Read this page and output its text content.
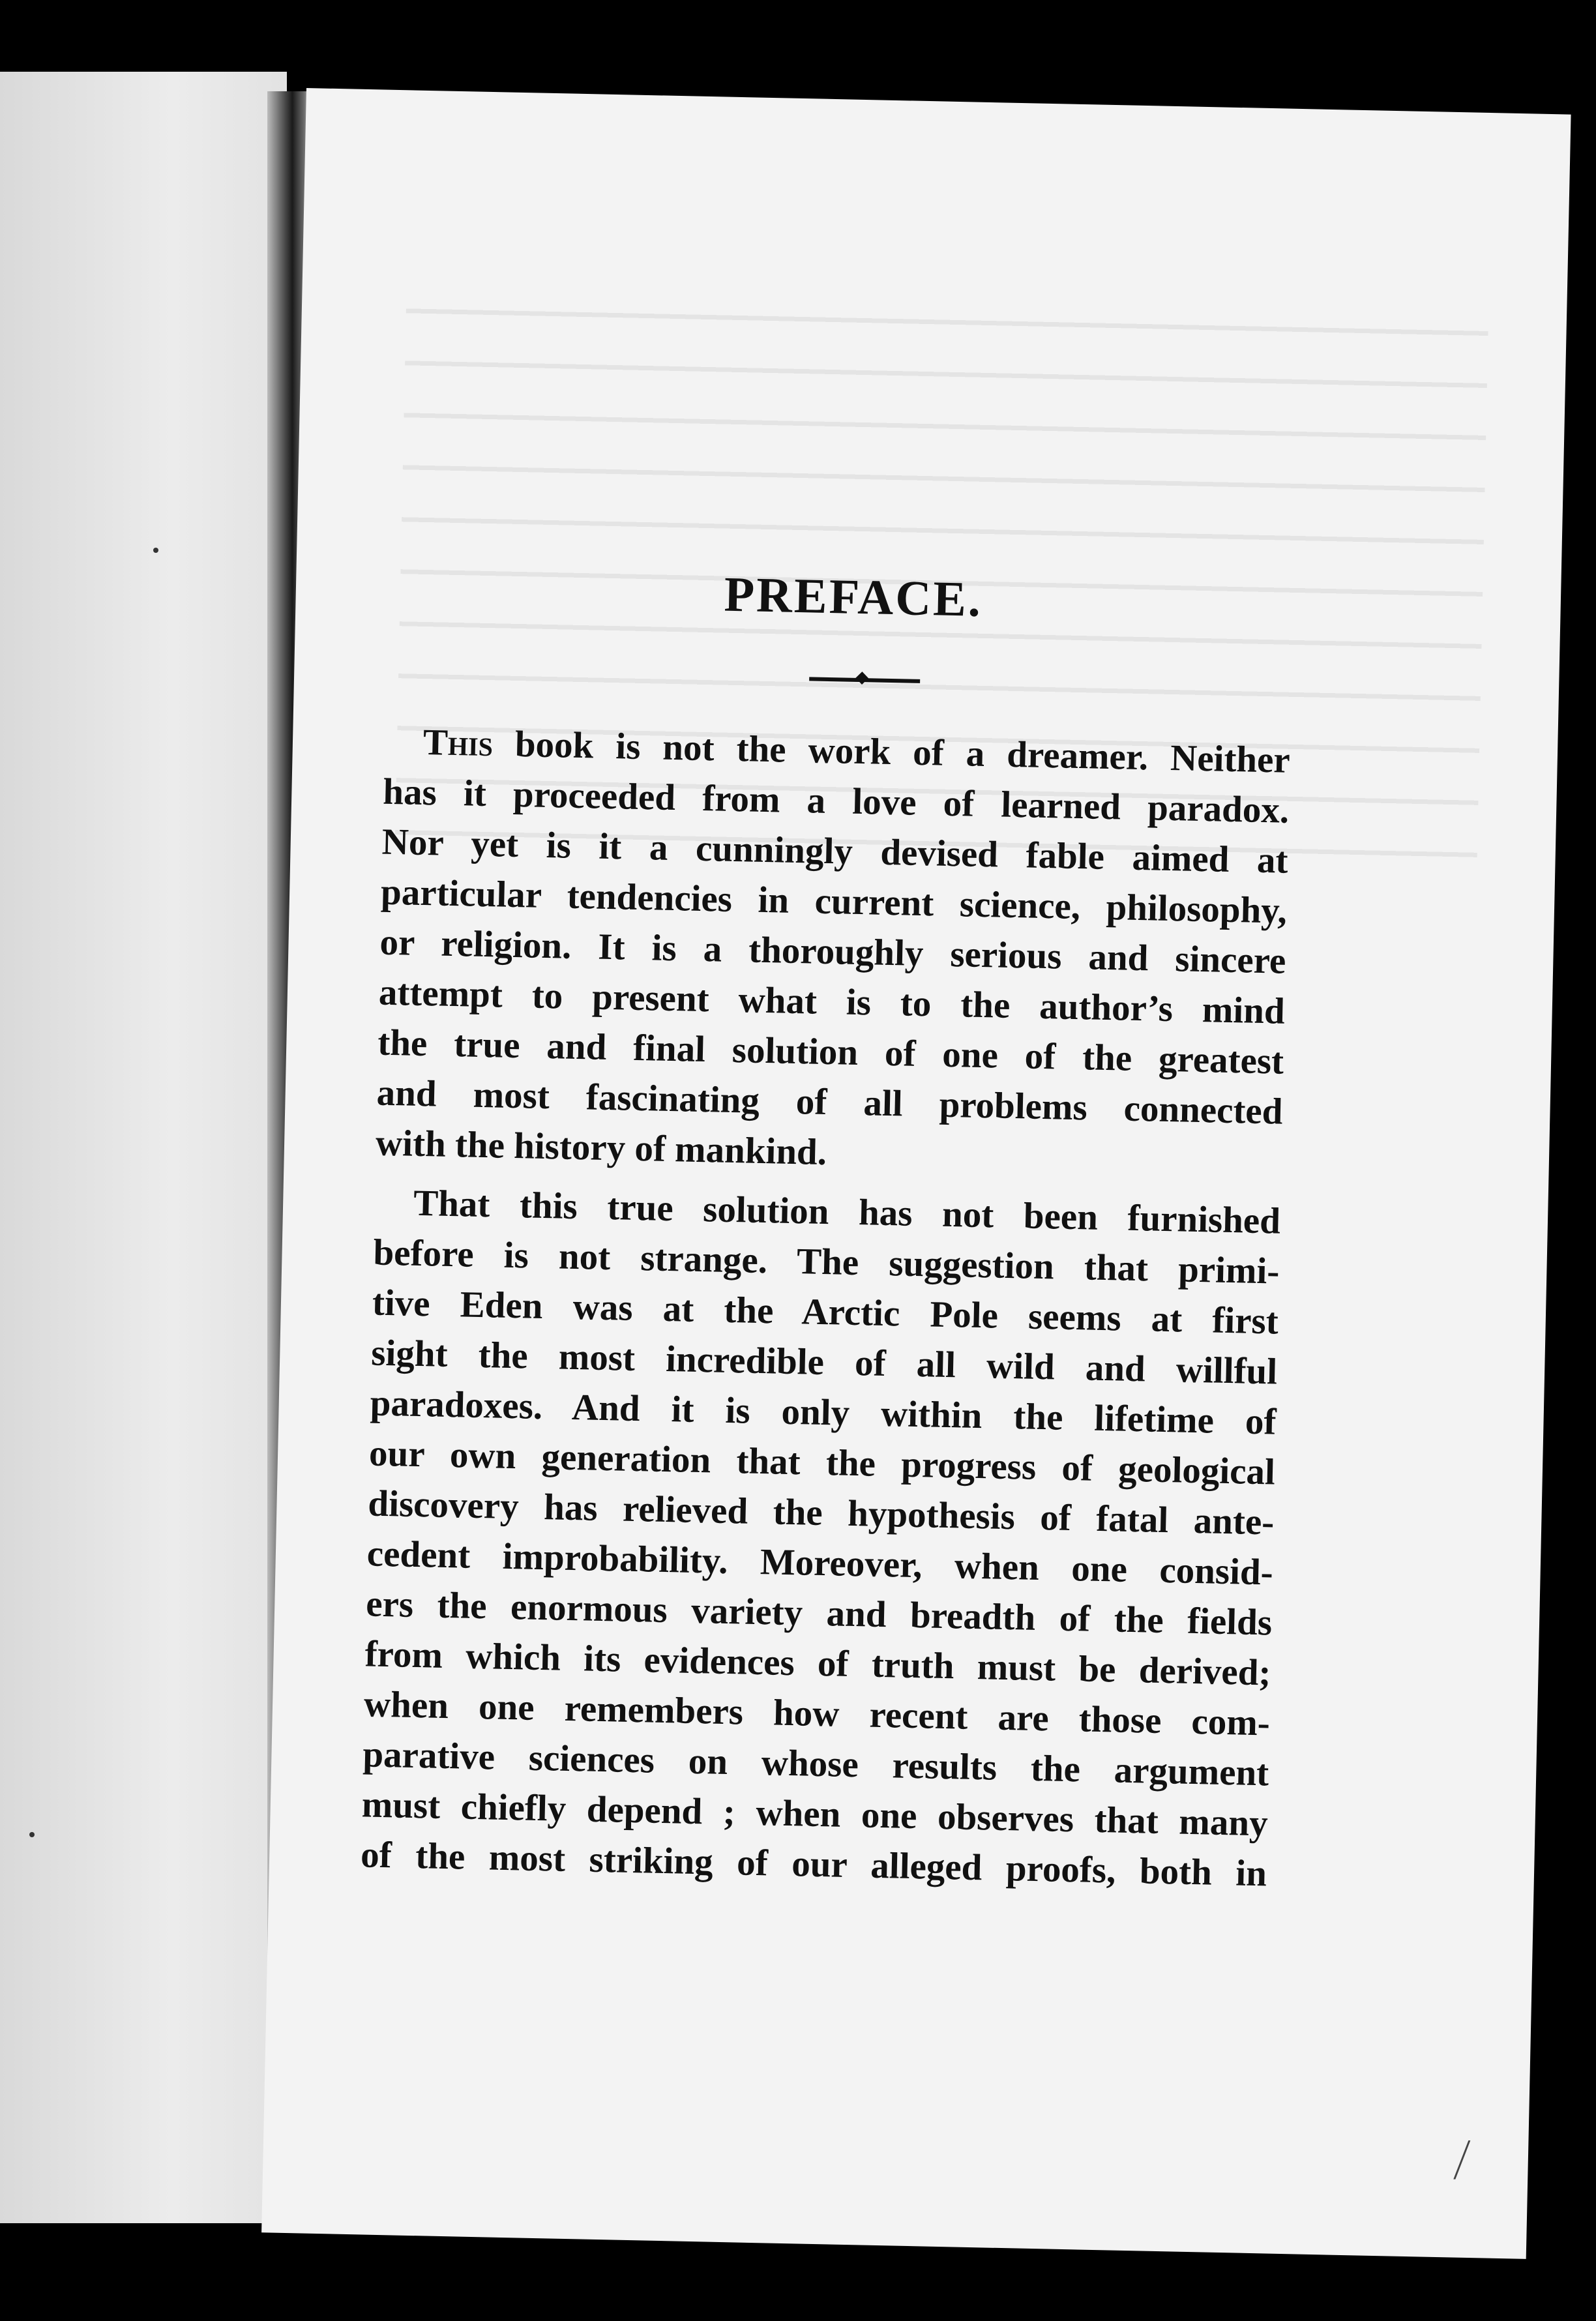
PREFACE.

This book is not the work of a dreamer. Neither
has it proceeded from a love of learned paradox.
Nor yet is it a cunningly devised fable aimed at
particular tendencies in current science, philosophy,
or religion. It is a thoroughly serious and sincere
attempt to present what is to the author’s mind
the true and final solution of one of the greatest
and most fascinating of all problems connected
with the history of mankind.

That this true solution has not been furnished
before is not strange. The suggestion that primi-
tive Eden was at the Arctic Pole seems at first
sight the most incredible of all wild and willful
paradoxes. And it is only within the lifetime of
our own generation that the progress of geological
discovery has relieved the hypothesis of fatal ante-
cedent improbability. Moreover, when one consid-
ers the enormous variety and breadth of the fields
from which its evidences of truth must be derived;
when one remembers how recent are those com-
parative sciences on whose results the argument
must chiefly depend ; when one observes that many
of the most striking of our alleged proofs, both in
